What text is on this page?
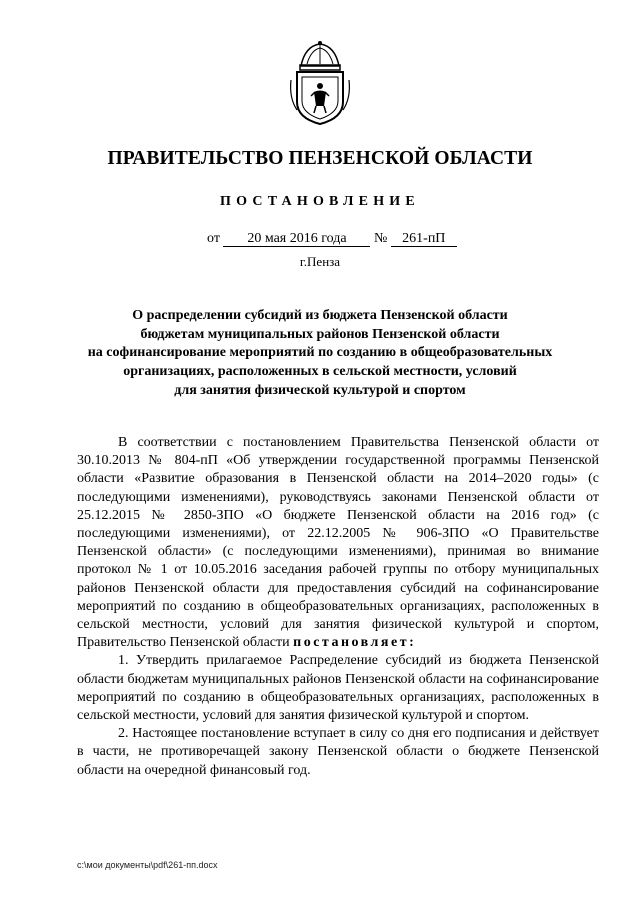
ПРАВИТЕЛЬСТВО ПЕНЗЕНСКОЙ ОБЛАСТИ
ПОСТАНОВЛЕНИЕ
от 20 мая 2016 года № 261-пП
г.Пенза
О распределении субсидий из бюджета Пензенской области
бюджетам муниципальных районов Пензенской области
на софинансирование мероприятий по созданию в общеобразовательных
организациях, расположенных в сельской местности, условий
для занятия физической культурой и спортом

В соответствии с постановлением Правительства Пензенской области от 30.10.2013 № 804-пП «Об утверждении государственной программы Пензенской области «Развитие образования в Пензенской области на 2014–2020 годы» (с последующими изменениями), руководствуясь законами Пензенской области от 25.12.2015 № 2850-ЗПО «О бюджете Пензенской области на 2016 год» (с последующими изменениями), от 22.12.2005 № 906-ЗПО «О Правительстве Пензенской области» (с последующими изменениями), принимая во внимание протокол № 1 от 10.05.2016 заседания рабочей группы по отбору муниципальных районов Пензенской области для предоставления субсидий на софинансирование мероприятий по созданию в общеобразовательных организациях, расположенных в сельской местности, условий для занятия физической культурой и спортом, Правительство Пензенской области постановляет:

1. Утвердить прилагаемое Распределение субсидий из бюджета Пензенской области бюджетам муниципальных районов Пензенской области на софинансирование мероприятий по созданию в общеобразовательных организациях, расположенных в сельской местности, условий для занятия физической культурой и спортом.

2. Настоящее постановление вступает в силу со дня его подписания и действует в части, не противоречащей закону Пензенской области о бюджете Пензенской области на очередной финансовый год.

c:\мои документы\pdf\261-пп.docx
